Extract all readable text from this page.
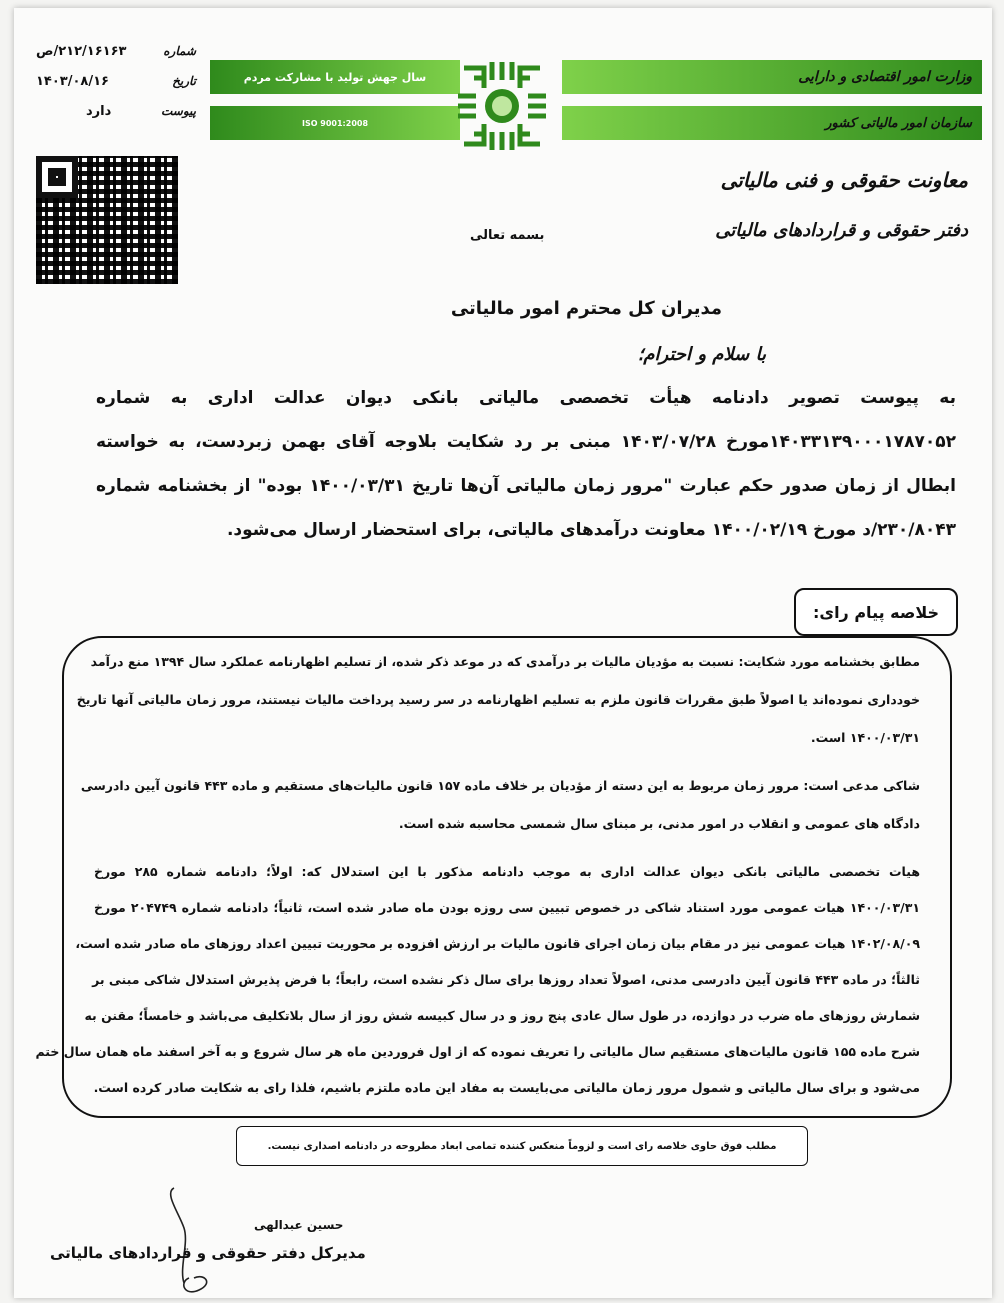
شماره
۲۱۲/۱۶۱۶۳/ص
تاریخ
۱۴۰۳/۰۸/۱۶
پیوست
دارد
سال جهش تولید با مشارکت مردم
ISO 9001:2008
وزارت امور اقتصادی و دارایی
سازمان امور مالیاتی کشور
معاونت حقوقی و فنی مالیاتی
دفتر حقوقی و قراردادهای مالیاتی
بسمه تعالی
مدیران کل محترم امور مالیاتی
با سلام و احترام؛
به پیوست تصویر دادنامه هیأت تخصصی مالیاتی بانکی دیوان عدالت اداری به شماره
۱۴۰۳۳۱۳۹۰۰۰۱۷۸۷۰۵۲مورخ ۱۴۰۳/۰۷/۲۸ مبنی بر رد شکایت بلاوجه آقای بهمن زبردست، به خواسته
ابطال از زمان صدور حکم عبارت "مرور زمان مالیاتی آن‌ها تاریخ ۱۴۰۰/۰۳/۳۱ بوده" از بخشنامه شماره
۲۳۰/۸۰۴۳/د مورخ ۱۴۰۰/۰۲/۱۹ معاونت درآمدهای مالیاتی، برای استحضار ارسال می‌شود.
خلاصه پیام رای:
مطابق بخشنامه مورد شکایت: نسبت به مؤدیان مالیات بر درآمدی که در موعد ذکر شده، از تسلیم اظهارنامه عملکرد سال ۱۳۹۴ منع درآمد
خودداری نموده‌اند یا اصولاً طبق مقررات قانون ملزم به تسلیم اظهارنامه در سر رسید پرداخت مالیات نیستند، مرور زمان مالیاتی آنها تاریخ
۱۴۰۰/۰۳/۳۱ است.
شاکی مدعی است: مرور زمان مربوط به این دسته از مؤدیان بر خلاف ماده ۱۵۷ قانون مالیات‌های مستقیم و ماده ۴۴۳ قانون آیین دادرسی
دادگاه های عمومی و انقلاب در امور مدنی، بر مبنای سال شمسی محاسبه شده است.
هیات تخصصی مالیاتی بانکی دیوان عدالت اداری به موجب دادنامه مذکور با این استدلال که: اولاً؛ دادنامه شماره ۲۸۵ مورخ
۱۴۰۰/۰۳/۳۱ هیات عمومی مورد استناد شاکی در خصوص تبیین سی روزه بودن ماه صادر شده است، ثانیاً؛ دادنامه شماره ۲۰۴۷۴۹ مورخ
۱۴۰۲/۰۸/۰۹ هیات عمومی نیز در مقام بیان زمان اجرای قانون مالیات بر ارزش افزوده بر محوریت تبیین اعداد روزهای ماه صادر شده است،
ثالثاً؛ در ماده ۴۴۳ قانون آیین دادرسی مدنی، اصولاً تعداد روزها برای سال ذکر نشده است، رابعاً؛ با فرض پذیرش استدلال شاکی مبنی بر
شمارش روزهای ماه ضرب در دوازده، در طول سال عادی پنج روز و در سال کبیسه شش روز از سال بلاتکلیف می‌باشد و خامساً؛ مقنن به
شرح ماده ۱۵۵ قانون مالیات‌های مستقیم سال مالیاتی را تعریف نموده که از اول فروردین ماه هر سال شروع و به آخر اسفند ماه همان سال ختم
می‌شود و برای سال مالیاتی و شمول مرور زمان مالیاتی می‌بایست به مفاد این ماده ملتزم باشیم، فلذا رای به شکایت صادر کرده است.
مطلب فوق حاوی خلاصه رای است و لزوماً منعکس کننده تمامی ابعاد مطروحه در دادنامه اصداری نیست.
حسین عبدالهی
مدیرکل دفتر حقوقی و قراردادهای مالیاتی
